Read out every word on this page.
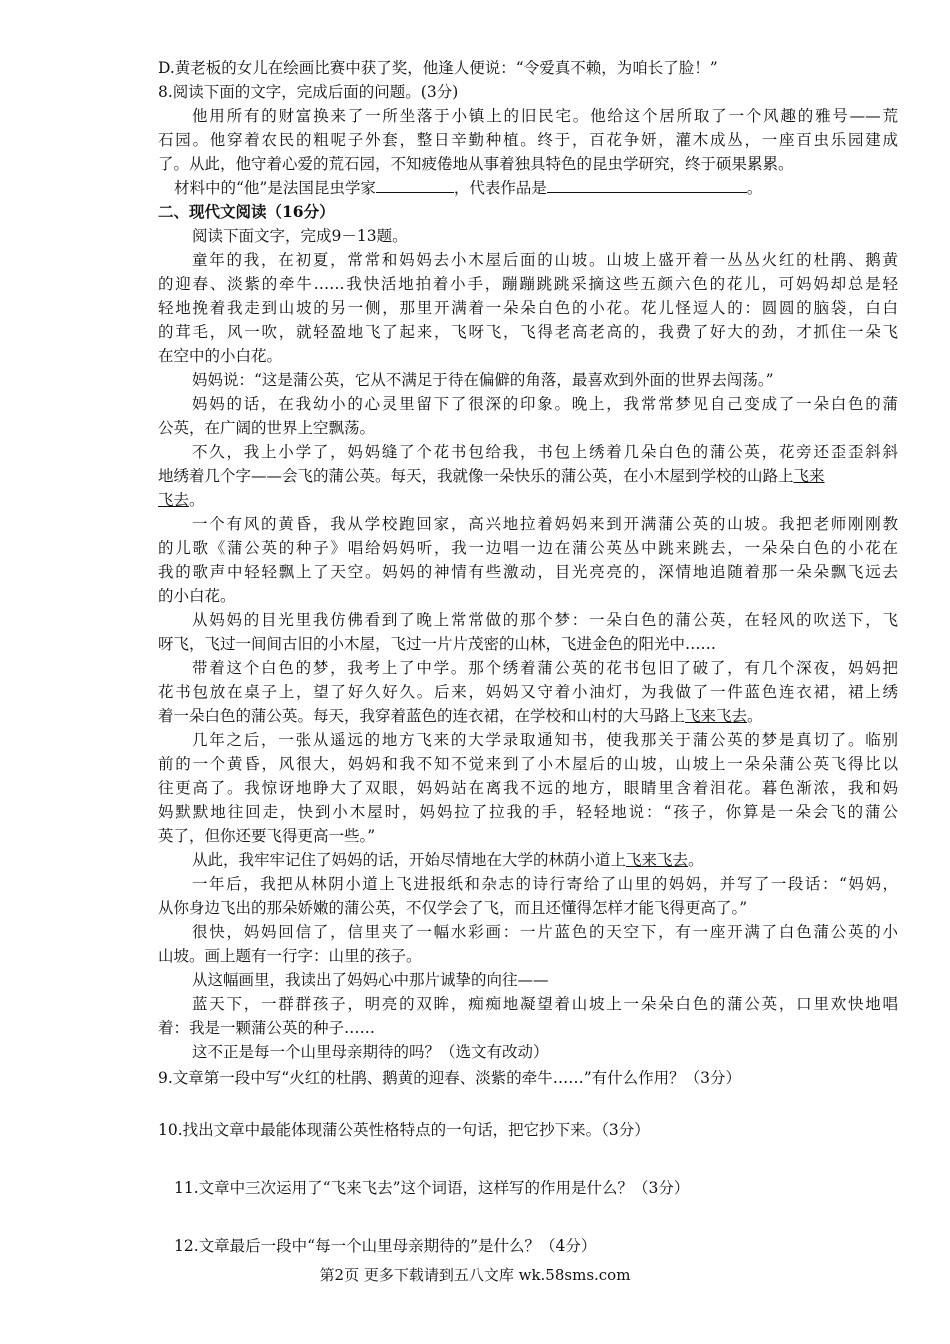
D.黄老板的女儿在绘画比赛中获了奖，他逢人便说：“令爱真不赖，为咱长了脸！”
8.阅读下面的文字，完成后面的问题。(3分)
他用所有的财富换来了一所坐落于小镇上的旧民宅。他给这个居所取了一个风趣的雅号——荒
石园。他穿着农民的粗呢子外套，整日辛勤种植。终于，百花争妍，灌木成丛，一座百虫乐园建成
了。从此，他守着心爱的荒石园，不知疲倦地从事着独具特色的昆虫学研究，终于硕果累累。
材料中的“他”是法国昆虫学家	，代表作品是	。
二、现代文阅读（16分）
阅读下面文字，完成9－13题。
童年的我，在初夏，常常和妈妈去小木屋后面的山坡。山坡上盛开着一丛丛火红的杜鹃、鹅黄
的迎春、淡紫的牵牛……我快活地拍着小手，蹦蹦跳跳采摘这些五颜六色的花儿，可妈妈却总是轻
轻地挽着我走到山坡的另一侧，那里开满着一朵朵白色的小花。花儿怪逗人的：圆圆的脑袋，白白
的茸毛，风一吹，就轻盈地飞了起来，飞呀飞，飞得老高老高的，我费了好大的劲，才抓住一朵飞
在空中的小白花。
妈妈说：“这是蒲公英，它从不满足于待在偏僻的角落，最喜欢到外面的世界去闯荡。”
妈妈的话，在我幼小的心灵里留下了很深的印象。晚上，我常常梦见自己变成了一朵白色的蒲
公英，在广阔的世界上空飘荡。
不久，我上小学了，妈妈缝了个花书包给我，书包上绣着几朵白色的蒲公英，花旁还歪歪斜斜
地绣着几个字——会飞的蒲公英。每天，我就像一朵快乐的蒲公英，在小木屋到学校的山路上飞来
飞去。
一个有风的黄昏，我从学校跑回家，高兴地拉着妈妈来到开满蒲公英的山坡。我把老师刚刚教
的儿歌《蒲公英的种子》唱给妈妈听，我一边唱一边在蒲公英丛中跳来跳去，一朵朵白色的小花在
我的歌声中轻轻飘上了天空。妈妈的神情有些激动，目光亮亮的，深情地追随着那一朵朵飘飞远去
的小白花。
从妈妈的目光里我仿佛看到了晚上常常做的那个梦：一朵白色的蒲公英，在轻风的吹送下，飞
呀飞，飞过一间间古旧的小木屋，飞过一片片茂密的山林，飞进金色的阳光中……
带着这个白色的梦，我考上了中学。那个绣着蒲公英的花书包旧了破了，有几个深夜，妈妈把
花书包放在桌子上，望了好久好久。后来，妈妈又守着小油灯，为我做了一件蓝色连衣裙，裙上绣
着一朵白色的蒲公英。每天，我穿着蓝色的连衣裙，在学校和山村的大马路上飞来飞去。
几年之后，一张从遥远的地方飞来的大学录取通知书，使我那关于蒲公英的梦是真切了。临别
前的一个黄昏，风很大，妈妈和我不知不觉来到了小木屋后的山坡，山坡上一朵朵蒲公英飞得比以
往更高了。我惊讶地睁大了双眼，妈妈站在离我不远的地方，眼睛里含着泪花。暮色渐浓，我和妈
妈默默地往回走，快到小木屋时，妈妈拉了拉我的手，轻轻地说：“孩子，你算是一朵会飞的蒲公
英了，但你还要飞得更高一些。”
从此，我牢牢记住了妈妈的话，开始尽情地在大学的林荫小道上飞来飞去。
一年后，我把从林阴小道上飞进报纸和杂志的诗行寄给了山里的妈妈，并写了一段话：“妈妈，
从你身边飞出的那朵娇嫩的蒲公英，不仅学会了飞，而且还懂得怎样才能飞得更高了。”
很快，妈妈回信了，信里夹了一幅水彩画：一片蓝色的天空下，有一座开满了白色蒲公英的小
山坡。画上题有一行字：山里的孩子。
从这幅画里，我读出了妈妈心中那片诚挚的向往——
蓝天下，一群群孩子，明亮的双眸，痴痴地凝望着山坡上一朵朵白色的蒲公英，口里欢快地唱
着：我是一颗蒲公英的种子……
这不正是每一个山里母亲期待的吗？（选文有改动）
9.文章第一段中写“火红的杜鹃、鹅黄的迎春、淡紫的牵牛……”有什么作用？（3分）
10.找出文章中最能体现蒲公英性格特点的一句话，把它抄下来。（3分）
11.文章中三次运用了“飞来飞去”这个词语，这样写的作用是什么？（3分）
12.文章最后一段中“每一个山里母亲期待的”是什么？（4分）
第2页 更多下载请到五八文库 wk.58sms.com
